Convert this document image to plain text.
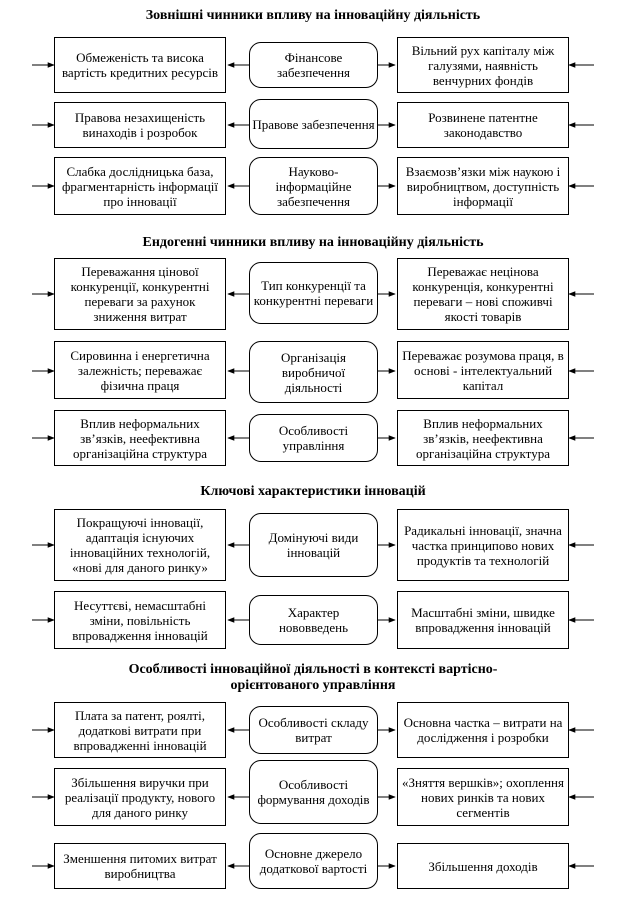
Зовнішні чинники впливу на інноваційну діяльність
Обмеженість та висока вартість кредитних ресурсів
Фінансове забезпечення
Вільний рух капіталу між галузями, наявність венчурних фондів
Правова незахищеність винаходів і розробок
Правове забезпечення	Розвинене патентне законодавство
Слабка дослідницька база, фрагментарність інформації про інновації
Науково-інформаційне забезпечення
Взаємозв’язки між наукою і виробництвом, доступність інформації
Ендогенні чинники впливу на інноваційну діяльність
Переважання цінової конкуренції, конкурентні переваги за рахунок зниження витрат
Тип конкуренції та конкурентні переваги
Переважає нецінова конкуренція, конкурентні переваги – нові споживчі якості товарів
Сировинна і енергетична залежність; переважає фізична праця
Організація виробничої діяльності
Переважає розумова праця, в основі - інтелектуальний капітал
Вплив неформальних зв’язків, неефективна організаційна структура
Особливості управління
Вплив неформальних зв’язків, неефективна організаційна структура
Ключові характеристики інновацій
Покращуючі інновації, адаптація існуючих інноваційних технологій, «нові для даного ринку»
Домінуючі види інновацій
Радикальні інновації, значна частка принципово нових продуктів та технологій
Несуттєві, немасштабні зміни, повільність впровадження інновацій
Характер нововведень
Масштабні зміни, швидке впровадження інновацій
Особливості інноваційної діяльності в контексті вартісно-орієнтованого управління
Плата за патент, роялті, додаткові витрати при впровадженні інновацій
Особливості складу витрат
Основна частка – витрати на дослідження і розробки
Збільшення виручки при реалізації продукту, нового для даного ринку
Особливості формування доходів
«Зняття вершків»; охоплення нових ринків та нових сегментів
Зменшення питомих витрат виробництва
Основне джерело додаткової вартості	Збільшення доходів
